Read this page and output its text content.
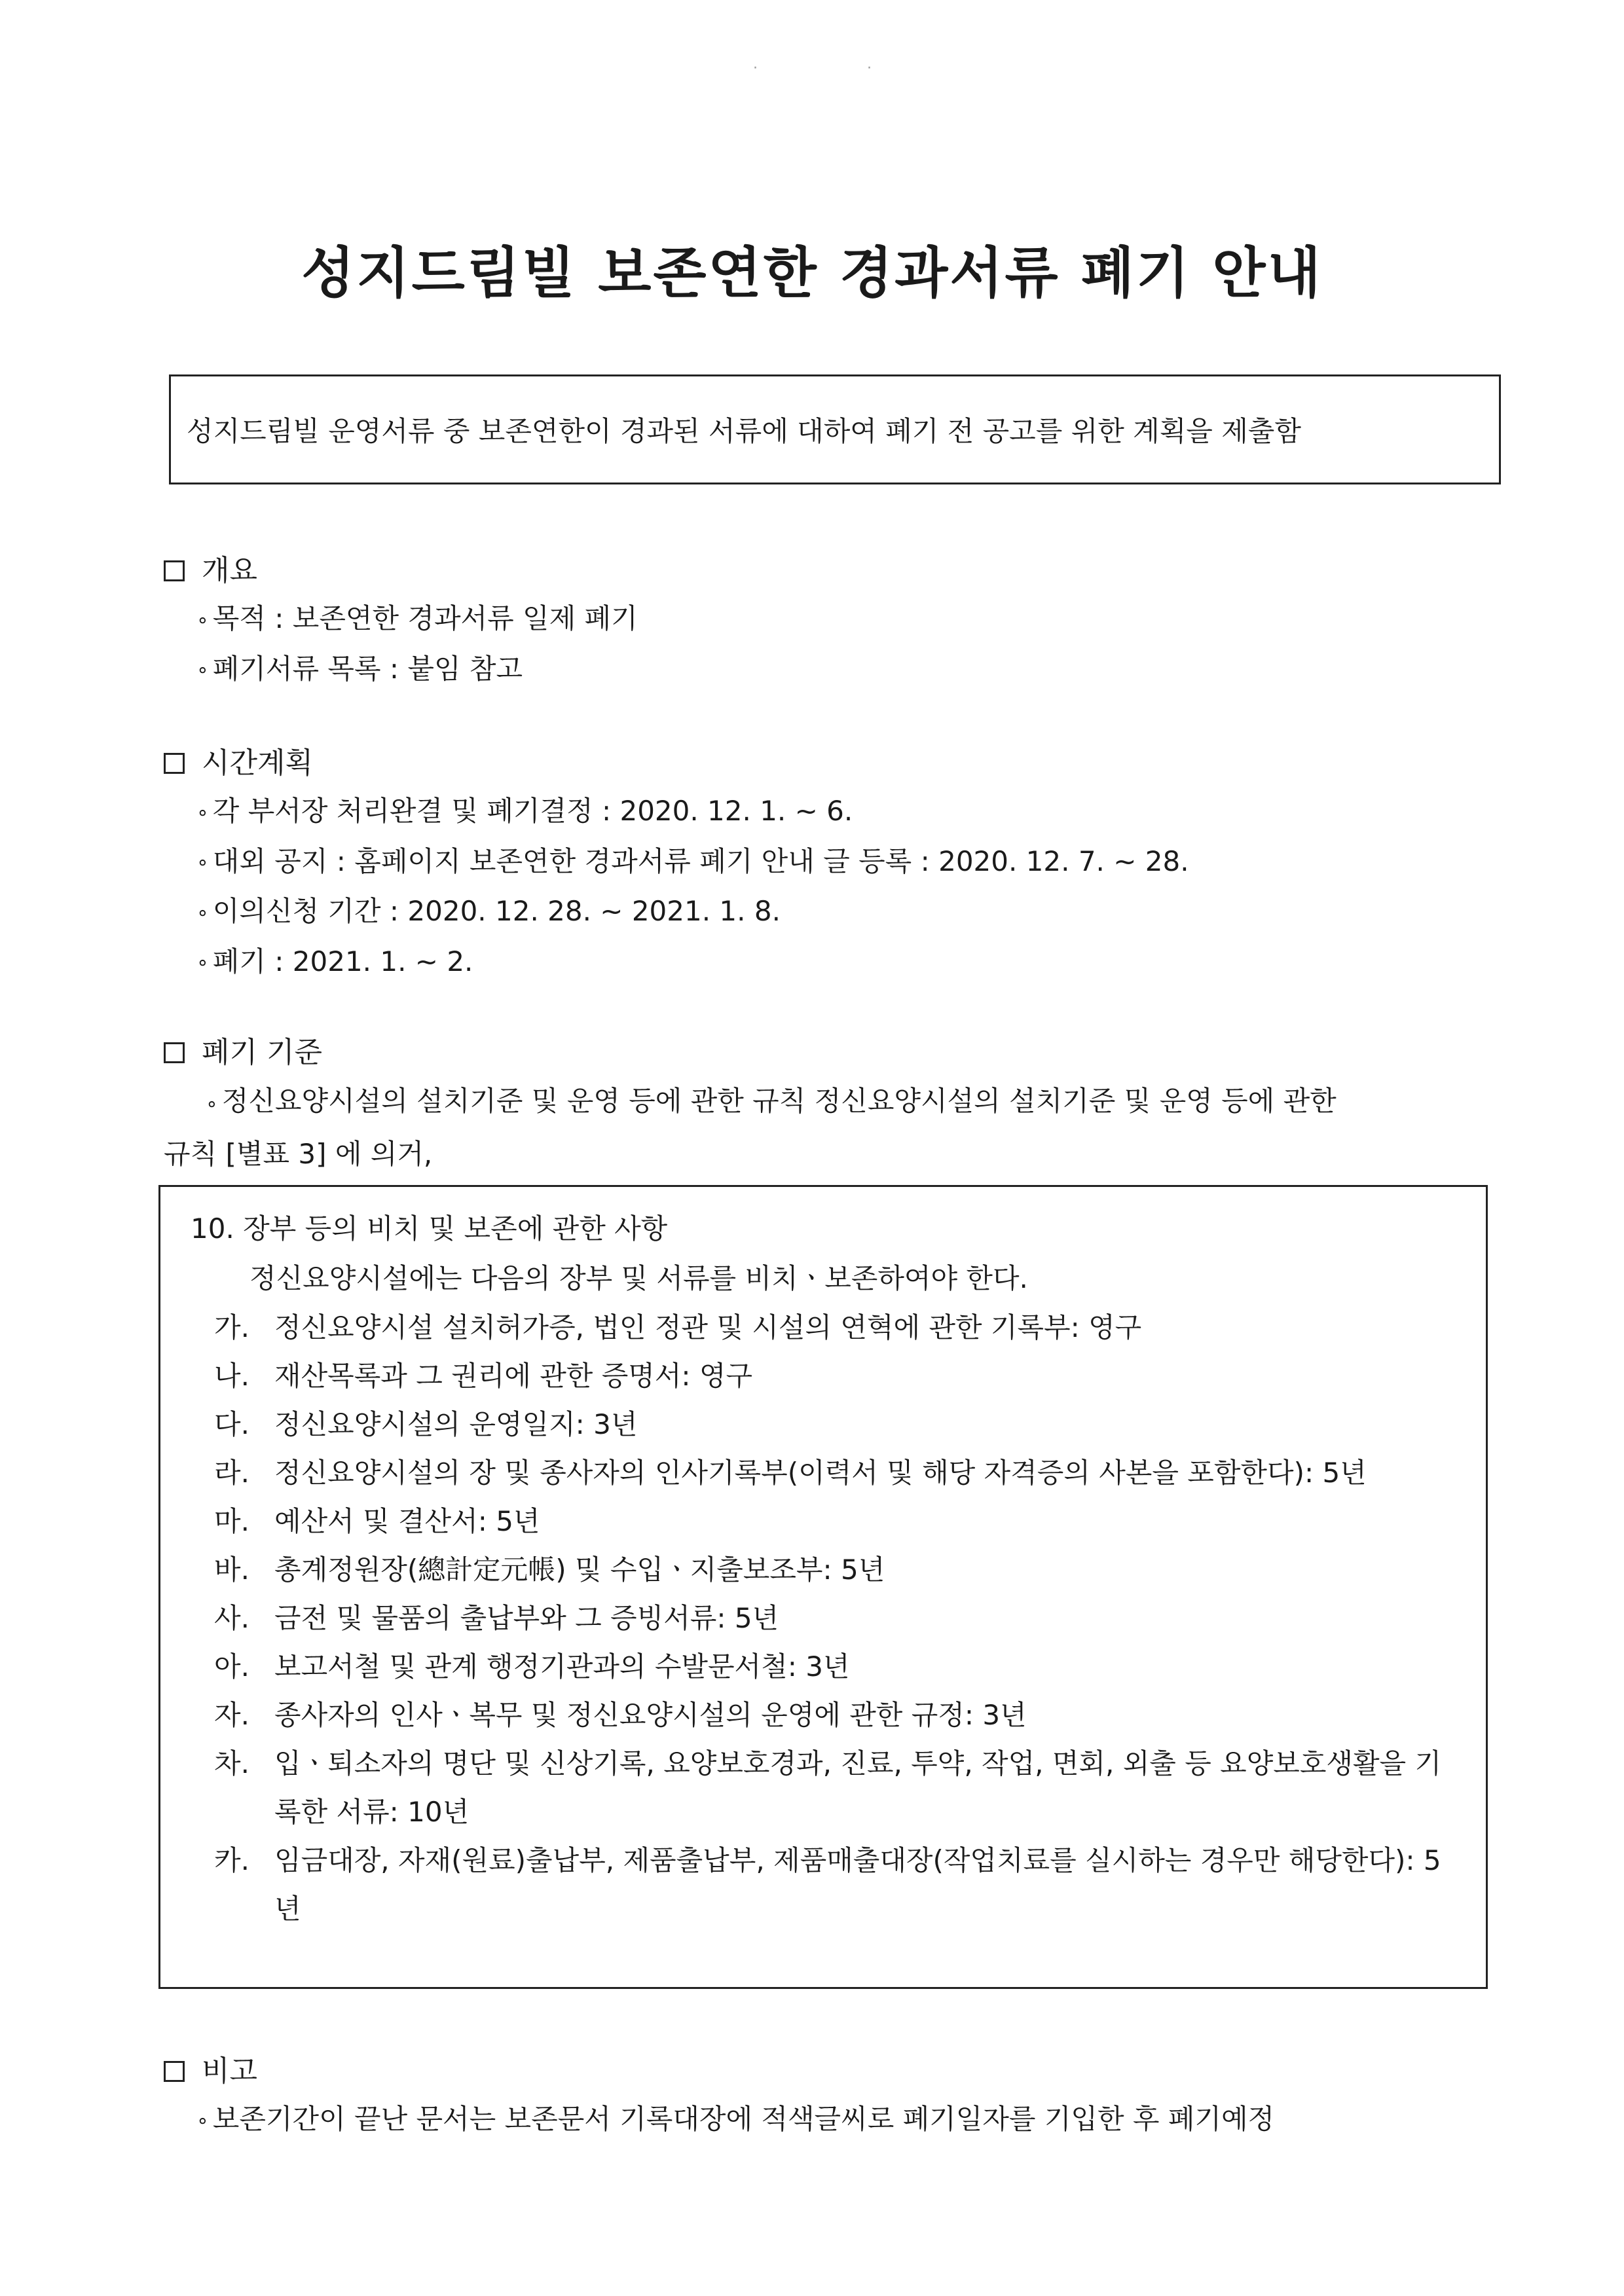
· ·
성지드림빌 보존연한 경과서류 폐기 안내
성지드림빌 운영서류 중 보존연한이 경과된 서류에 대하여 폐기 전 공고를 위한 계획을 제출함
개요
∘ 목적 : 보존연한 경과서류 일제 폐기
∘ 폐기서류 목록 : 붙임 참고
시간계획
∘ 각 부서장 처리완결 및 폐기결정 : 2020. 12. 1. ~ 6.
∘ 대외 공지 : 홈페이지 보존연한 경과서류 폐기 안내 글 등록 : 2020. 12. 7. ~ 28.
∘ 이의신청 기간 : 2020. 12. 28. ~ 2021. 1. 8.
∘ 폐기 : 2021. 1. ~ 2.
폐기 기준
∘ 정신요양시설의 설치기준 및 운영 등에 관한 규칙 정신요양시설의 설치기준 및 운영 등에 관한
규칙 [별표 3] 에 의거,
10. 장부 등의 비치 및 보존에 관한 사항
정신요양시설에는 다음의 장부 및 서류를 비치ㆍ보존하여야 한다.
가. 정신요양시설 설치허가증, 법인 정관 및 시설의 연혁에 관한 기록부: 영구
나. 재산목록과 그 권리에 관한 증명서: 영구
다. 정신요양시설의 운영일지: 3년
라. 정신요양시설의 장 및 종사자의 인사기록부(이력서 및 해당 자격증의 사본을 포함한다): 5년
마. 예산서 및 결산서: 5년
바. 총계정원장(總計定元帳) 및 수입ㆍ지출보조부: 5년
사. 금전 및 물품의 출납부와 그 증빙서류: 5년
아. 보고서철 및 관계 행정기관과의 수발문서철: 3년
자. 종사자의 인사ㆍ복무 및 정신요양시설의 운영에 관한 규정: 3년
차. 입ㆍ퇴소자의 명단 및 신상기록, 요양보호경과, 진료, 투약, 작업, 면회, 외출 등 요양보호생활을 기록한 서류: 10년
카. 임금대장, 자재(원료)출납부, 제품출납부, 제품매출대장(작업치료를 실시하는 경우만 해당한다): 5년
비고
∘ 보존기간이 끝난 문서는 보존문서 기록대장에 적색글씨로 폐기일자를 기입한 후 폐기예정
